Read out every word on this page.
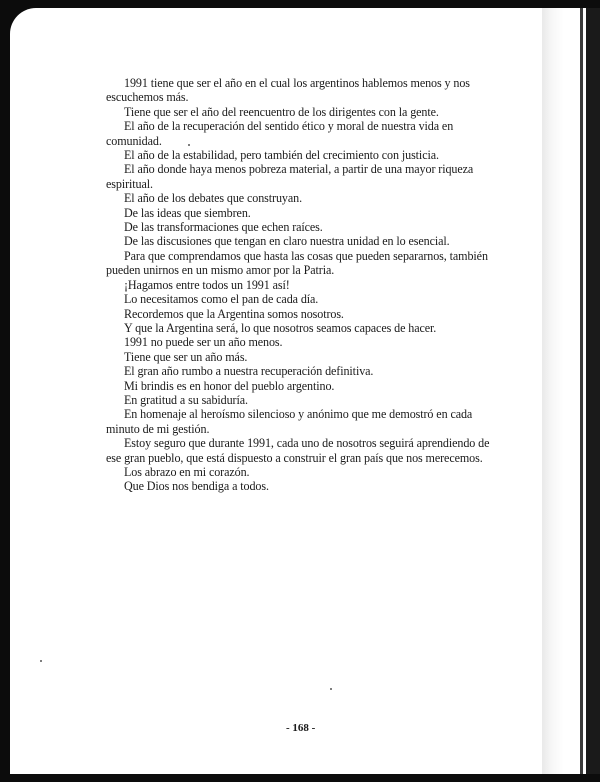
1991 tiene que ser el año en el cual los argentinos hablemos menos y nos escuchemos más.

Tiene que ser el año del reencuentro de los dirigentes con la gente.

El año de la recuperación del sentido ético y moral de nuestra vida en comunidad.

El año de la estabilidad, pero también del crecimiento con justicia.

El año donde haya menos pobreza material, a partir de una mayor riqueza espiritual.

El año de los debates que construyan.

De las ideas que siembren.

De las transformaciones que echen raíces.

De las discusiones que tengan en claro nuestra unidad en lo esencial.

Para que comprendamos que hasta las cosas que pueden separarnos, también pueden unirnos en un mismo amor por la Patria.

¡Hagamos entre todos un 1991 así!

Lo necesitamos como el pan de cada día.

Recordemos que la Argentina somos nosotros.

Y que la Argentina será, lo que nosotros seamos capaces de hacer.

1991 no puede ser un año menos.

Tiene que ser un año más.

El gran año rumbo a nuestra recuperación definitiva.

Mi brindis es en honor del pueblo argentino.

En gratitud a su sabiduría.

En homenaje al heroísmo silencioso y anónimo que me demostró en cada minuto de mi gestión.

Estoy seguro que durante 1991, cada uno de nosotros seguirá aprendiendo de ese gran pueblo, que está dispuesto a construir el gran país que nos merecemos.

Los abrazo en mi corazón.

Que Dios nos bendiga a todos.

- 168 -
